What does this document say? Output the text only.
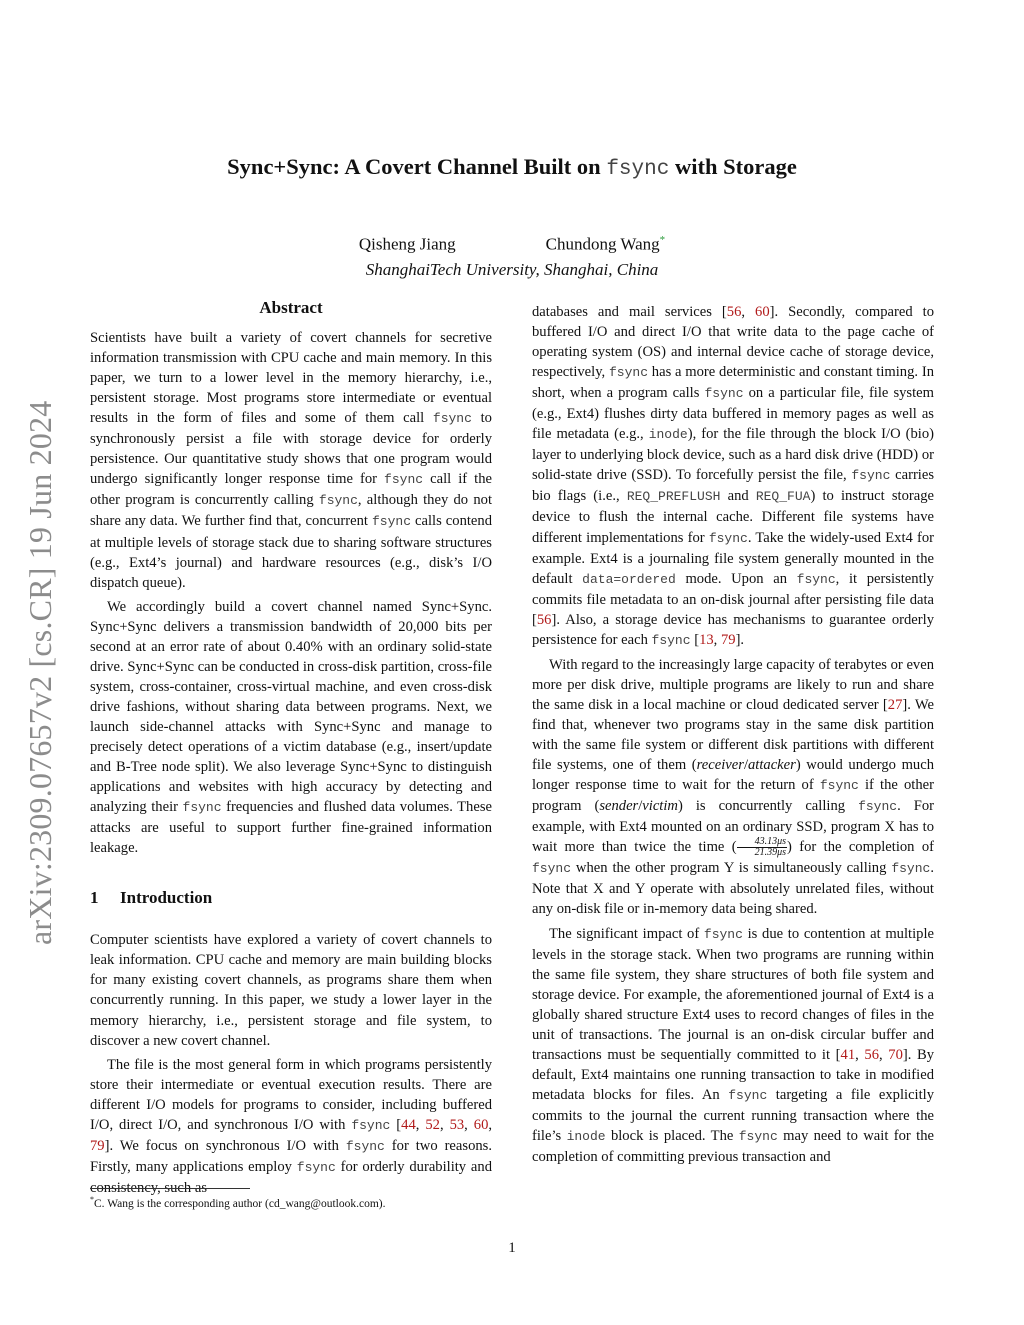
arXiv:2309.07657v2 [cs.CR] 19 Jun 2024
Sync+Sync: A Covert Channel Built on fsync with Storage
Qisheng Jiang	Chundong Wang*
ShanghaiTech University, Shanghai, China
Abstract

Scientists have built a variety of covert channels for secretive information transmission with CPU cache and main memory. In this paper, we turn to a lower level in the memory hierarchy, i.e., persistent storage. Most programs store intermediate or eventual results in the form of files and some of them call fsync to synchronously persist a file with storage device for orderly persistence. Our quantitative study shows that one program would undergo significantly longer response time for fsync call if the other program is concurrently calling fsync, although they do not share any data. We further find that, concurrent fsync calls contend at multiple levels of storage stack due to sharing software structures (e.g., Ext4’s journal) and hardware resources (e.g., disk’s I/O dispatch queue).

We accordingly build a covert channel named Sync+Sync. Sync+Sync delivers a transmission bandwidth of 20,000 bits per second at an error rate of about 0.40% with an ordinary solid-state drive. Sync+Sync can be conducted in cross-disk partition, cross-file system, cross-container, cross-virtual machine, and even cross-disk drive fashions, without sharing data between programs. Next, we launch side-channel attacks with Sync+Sync and manage to precisely detect operations of a victim database (e.g., insert/update and B-Tree node split). We also leverage Sync+Sync to distinguish applications and websites with high accuracy by detecting and analyzing their fsync frequencies and flushed data volumes. These attacks are useful to support further fine-grained information leakage.

1 Introduction

Computer scientists have explored a variety of covert channels to leak information. CPU cache and memory are main building blocks for many existing covert channels, as programs share them when concurrently running. In this paper, we study a lower layer in the memory hierarchy, i.e., persistent storage and file system, to discover a new covert channel.

The file is the most general form in which programs persistently store their intermediate or eventual execution results. There are different I/O models for programs to consider, including buffered I/O, direct I/O, and synchronous I/O with fsync [44, 52, 53, 60, 79]. We focus on synchronous I/O with fsync for two reasons. Firstly, many applications employ fsync for orderly durability and consistency, such as

databases and mail services [56, 60]. Secondly, compared to buffered I/O and direct I/O that write data to the page cache of operating system (OS) and internal device cache of storage device, respectively, fsync has a more deterministic and constant timing. In short, when a program calls fsync on a particular file, file system (e.g., Ext4) flushes dirty data buffered in memory pages as well as file metadata (e.g., inode), for the file through the block I/O (bio) layer to underlying block device, such as a hard disk drive (HDD) or solid-state drive (SSD). To forcefully persist the file, fsync carries bio flags (i.e., REQ_PREFLUSH and REQ_FUA) to instruct storage device to flush the internal cache. Different file systems have different implementations for fsync. Take the widely-used Ext4 for example. Ext4 is a journaling file system generally mounted in the default data=ordered mode. Upon an fsync, it persistently commits file metadata to an on-disk journal after persisting file data [56]. Also, a storage device has mechanisms to guarantee orderly persistence for each fsync [13, 79].

With regard to the increasingly large capacity of terabytes or even more per disk drive, multiple programs are likely to run and share the same disk in a local machine or cloud dedicated server [27]. We find that, whenever two programs stay in the same disk partition with the same file system or different disk partitions with different file systems, one of them (receiver/attacker) would undergo much longer response time to wait for the return of fsync if the other program (sender/victim) is concurrently calling fsync. For example, with Ext4 mounted on an ordinary SSD, program X has to wait more than twice the time ( $\frac{43.13\mu s}{21.39\mu s}$ ) for the completion of fsync when the other program Y is simultaneously calling fsync. Note that X and Y operate with absolutely unrelated files, without any on-disk file or in-memory data being shared.

The significant impact of fsync is due to contention at multiple levels in the storage stack. When two programs are running within the same file system, they share structures of both file system and storage device. For example, the aforementioned journal of Ext4 is a globally shared structure Ext4 uses to record changes of files in the unit of transactions. The journal is an on-disk circular buffer and transactions must be sequentially committed to it [41, 56, 70]. By default, Ext4 maintains one running transaction to take in modified metadata blocks for files. An fsync targeting a file explicitly commits to the journal the current running transaction where the file’s inode block is placed. The fsync may need to wait for the completion of committing previous transaction and

*C. Wang is the corresponding author (cd_wang@outlook.com).
1
